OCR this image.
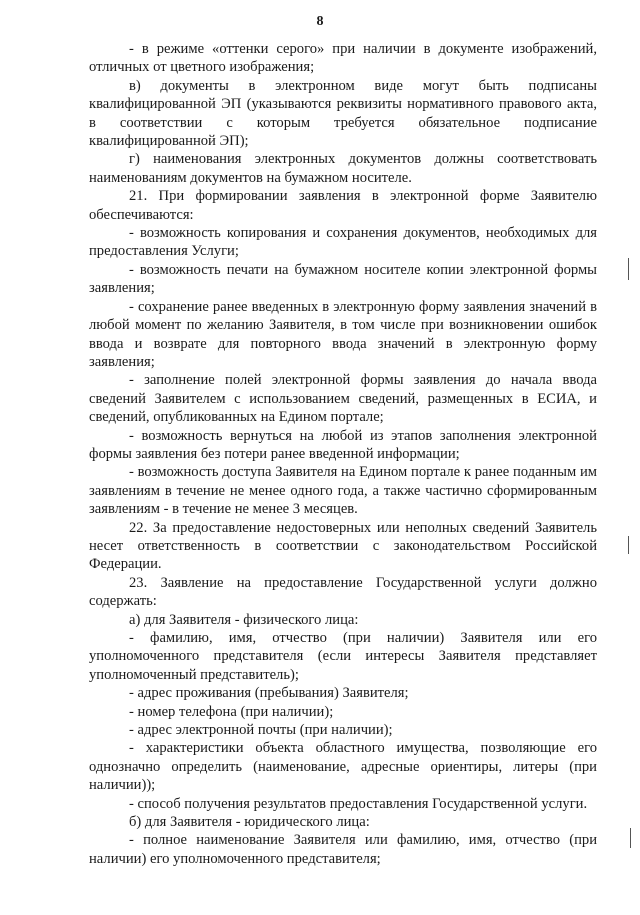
8

- в режиме «оттенки серого» при наличии в документе изображений, отличных от цветного изображения;

в) документы в электронном виде могут быть подписаны квалифицированной ЭП (указываются реквизиты нормативного правового акта, в соответствии с которым требуется обязательное подписание квалифицированной ЭП);

г) наименования электронных документов должны соответствовать наименованиям документов на бумажном носителе.

21. При формировании заявления в электронной форме Заявителю обеспечиваются:

- возможность копирования и сохранения документов, необходимых для предоставления Услуги;

- возможность печати на бумажном носителе копии электронной формы заявления;

- сохранение ранее введенных в электронную форму заявления значений в любой момент по желанию Заявителя, в том числе при возникновении ошибок ввода и возврате для повторного ввода значений в электронную форму заявления;

- заполнение полей электронной формы заявления до начала ввода сведений Заявителем с использованием сведений, размещенных в ЕСИА, и сведений, опубликованных на Едином портале;

- возможность вернуться на любой из этапов заполнения электронной формы заявления без потери ранее введенной информации;

- возможность доступа Заявителя на Едином портале к ранее поданным им заявлениям в течение не менее одного года, а также частично сформированным заявлениям - в течение не менее 3 месяцев.

22. За предоставление недостоверных или неполных сведений Заявитель несет ответственность в соответствии с законодательством Российской Федерации.

23. Заявление на предоставление Государственной услуги должно содержать:

а) для Заявителя - физического лица:

- фамилию, имя, отчество (при наличии) Заявителя или его уполномоченного представителя (если интересы Заявителя представляет уполномоченный представитель);

- адрес проживания (пребывания) Заявителя;

- номер телефона (при наличии);

- адрес электронной почты (при наличии);

- характеристики объекта областного имущества, позволяющие его однозначно определить (наименование, адресные ориентиры, литеры (при наличии));

- способ получения результатов предоставления Государственной услуги.

б) для Заявителя - юридического лица:

- полное наименование Заявителя или фамилию, имя, отчество (при наличии) его уполномоченного представителя;
